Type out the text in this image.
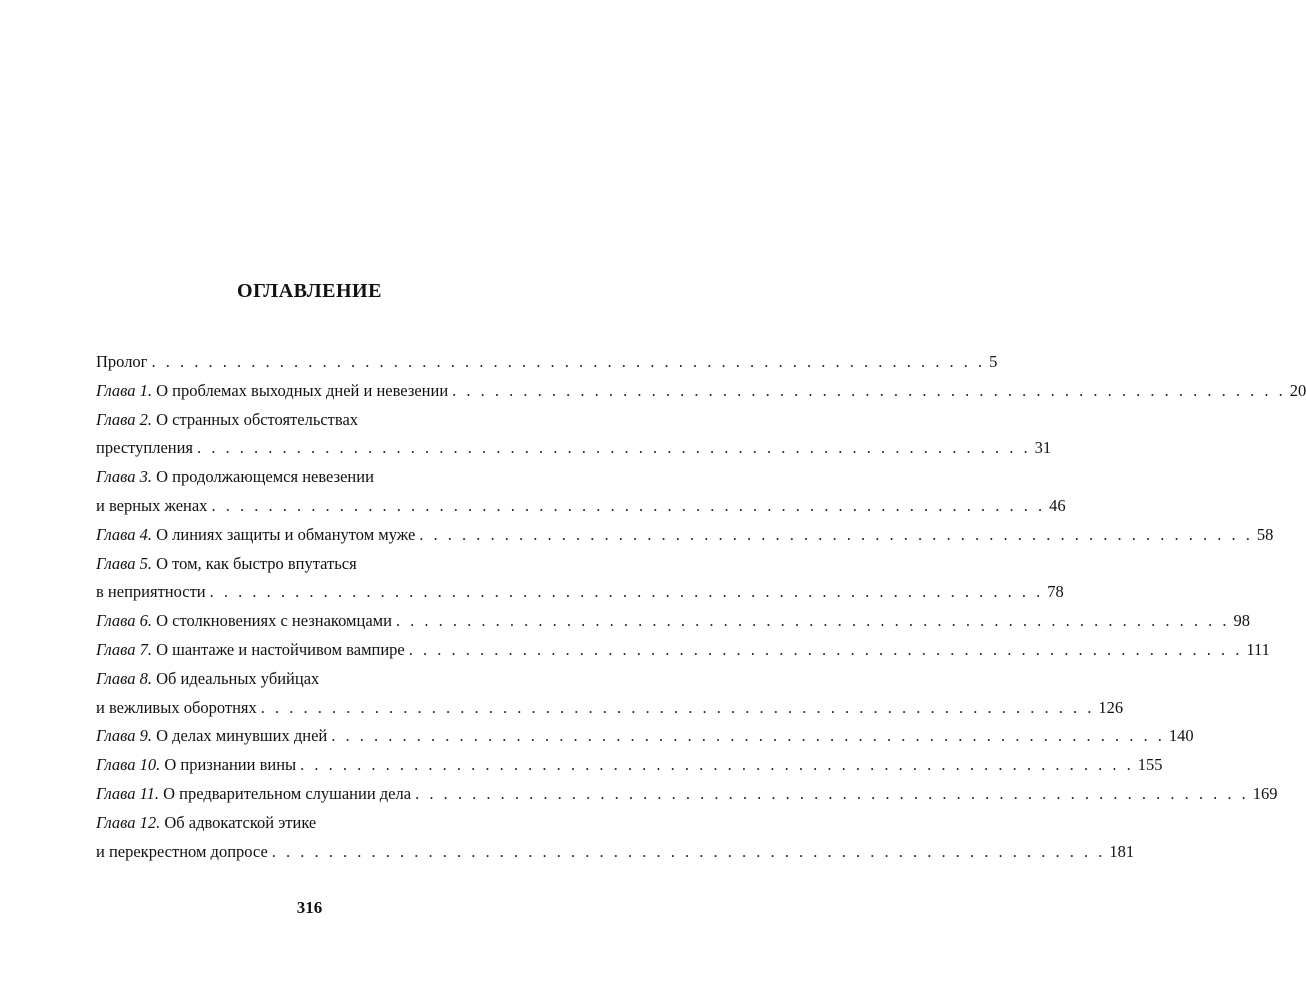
ОГЛАВЛЕНИЕ
Пролог . . . . . . . . . . . . . . . . . . . . . . . . . . . . . . . . . . . . . . . . . . . . . . . . . . . . . . . . . . . 5
Глава 1. О проблемах выходных дней и невезении . . . . . . . . . . . . . . . . . . . . . . . . . . . . . . . . . . . . . . . . . . . . . . . . . . . . . . . . . . . 20
Глава 2. О странных обстоятельствах
преступления . . . . . . . . . . . . . . . . . . . . . . . . . . . . . . . . . . . . . . . . . . . . . . . . . . . . . . . . . . . 31
Глава 3. О продолжающемся невезении
и верных женах . . . . . . . . . . . . . . . . . . . . . . . . . . . . . . . . . . . . . . . . . . . . . . . . . . . . . . . . . . . 46
Глава 4. О линиях защиты и обманутом муже . . . . . . . . . . . . . . . . . . . . . . . . . . . . . . . . . . . . . . . . . . . . . . . . . . . . . . . . . . . 58
Глава 5. О том, как быстро впутаться
в неприятности . . . . . . . . . . . . . . . . . . . . . . . . . . . . . . . . . . . . . . . . . . . . . . . . . . . . . . . . . . . 78
Глава 6. О столкновениях с незнакомцами . . . . . . . . . . . . . . . . . . . . . . . . . . . . . . . . . . . . . . . . . . . . . . . . . . . . . . . . . . . 98
Глава 7. О шантаже и настойчивом вампире . . . . . . . . . . . . . . . . . . . . . . . . . . . . . . . . . . . . . . . . . . . . . . . . . . . . . . . . . . . 111
Глава 8. Об идеальных убийцах
и вежливых оборотнях . . . . . . . . . . . . . . . . . . . . . . . . . . . . . . . . . . . . . . . . . . . . . . . . . . . . . . . . . . . 126
Глава 9. О делах минувших дней . . . . . . . . . . . . . . . . . . . . . . . . . . . . . . . . . . . . . . . . . . . . . . . . . . . . . . . . . . . 140
Глава 10. О признании вины . . . . . . . . . . . . . . . . . . . . . . . . . . . . . . . . . . . . . . . . . . . . . . . . . . . . . . . . . . . 155
Глава 11. О предварительном слушании дела . . . . . . . . . . . . . . . . . . . . . . . . . . . . . . . . . . . . . . . . . . . . . . . . . . . . . . . . . . . 169
Глава 12. Об адвокатской этике
и перекрестном допросе . . . . . . . . . . . . . . . . . . . . . . . . . . . . . . . . . . . . . . . . . . . . . . . . . . . . . . . . . . . 181
316
